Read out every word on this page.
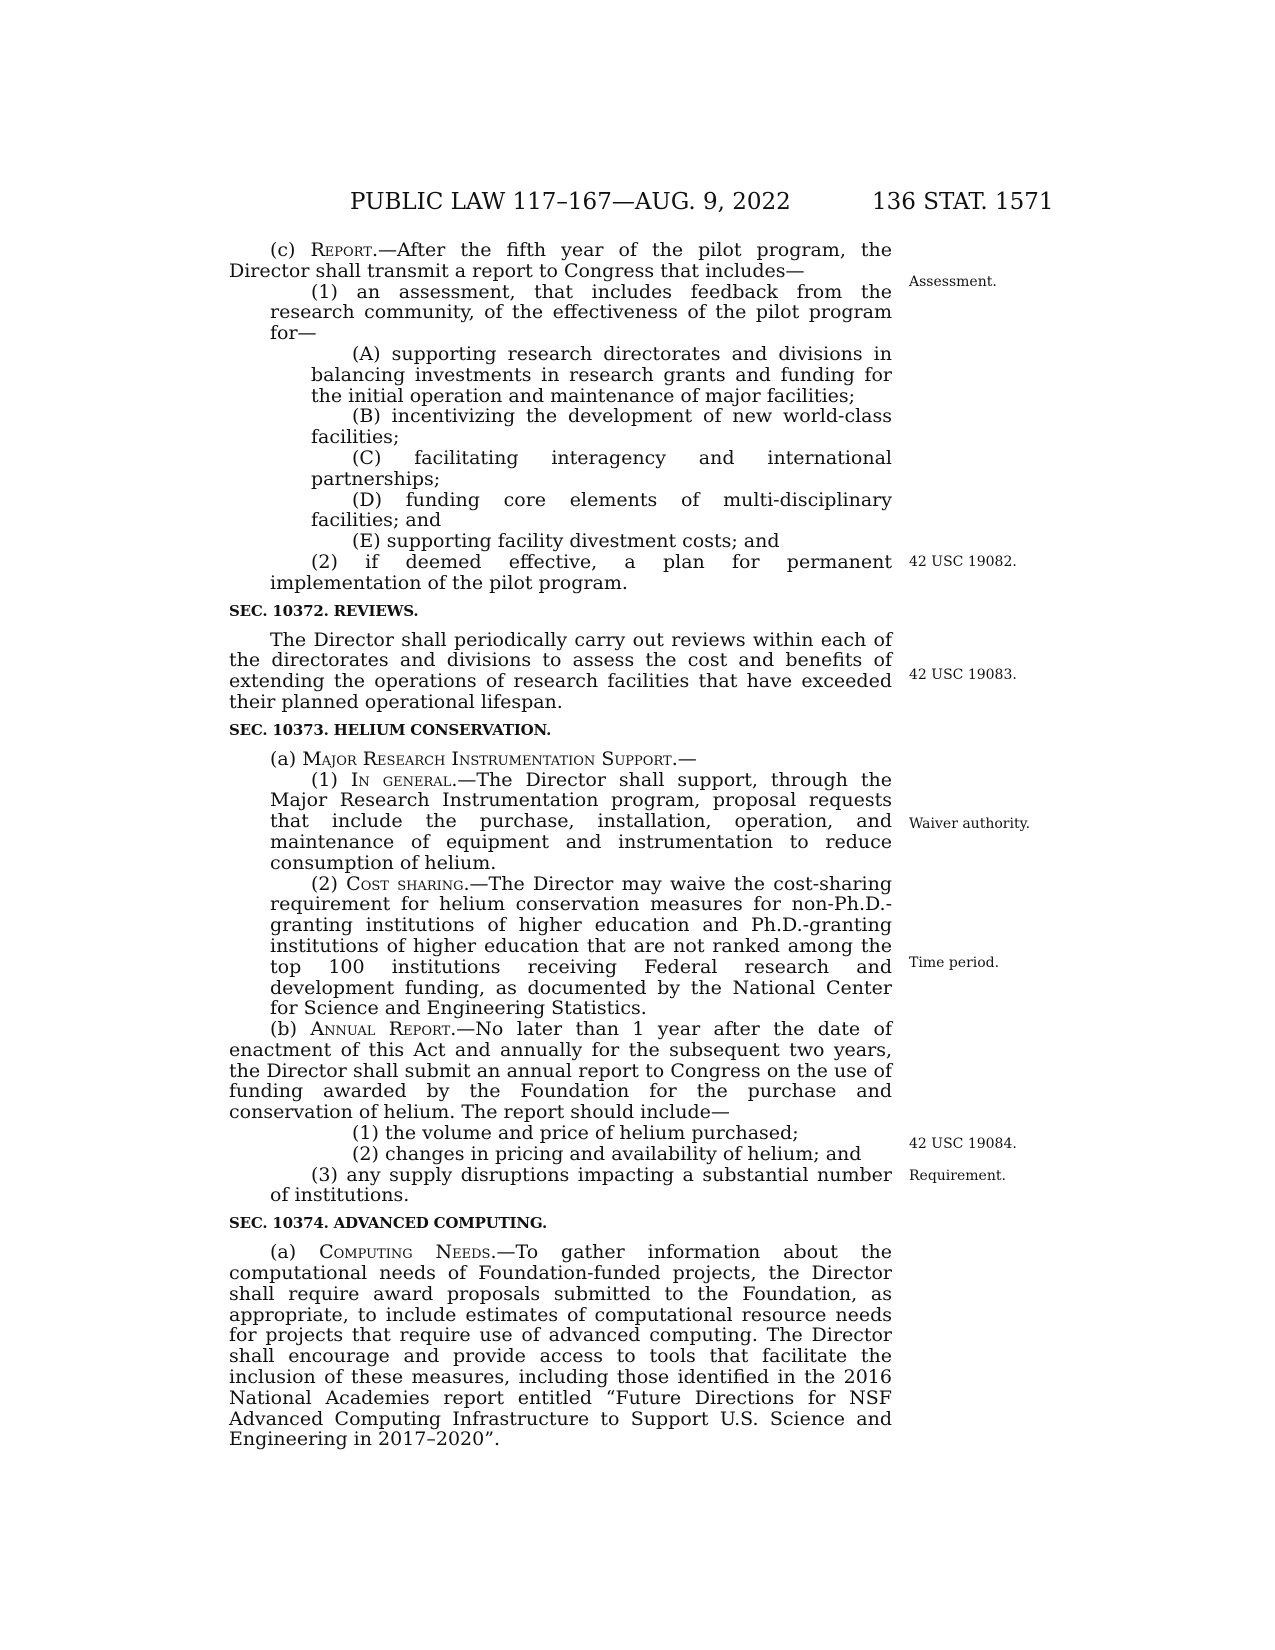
PUBLIC LAW 117–167—AUG. 9, 2022	136 STAT. 1571

(c) Report.—After the fifth year of the pilot program, the Director shall transmit a report to Congress that includes—

(1) an assessment, that includes feedback from the research community, of the effectiveness of the pilot program for—

(A) supporting research directorates and divisions in balancing investments in research grants and funding for the initial operation and maintenance of major facilities;

(B) incentivizing the development of new world-class facilities;

(C) facilitating interagency and international partnerships;

(D) funding core elements of multi-disciplinary facilities; and

(E) supporting facility divestment costs; and

(2) if deemed effective, a plan for permanent implementation of the pilot program.

SEC. 10372. REVIEWS.

The Director shall periodically carry out reviews within each of the directorates and divisions to assess the cost and benefits of extending the operations of research facilities that have exceeded their planned operational lifespan.

SEC. 10373. HELIUM CONSERVATION.

(a) Major Research Instrumentation Support.—

(1) In general.—The Director shall support, through the Major Research Instrumentation program, proposal requests that include the purchase, installation, operation, and maintenance of equipment and instrumentation to reduce consumption of helium.

(2) Cost sharing.—The Director may waive the cost-sharing requirement for helium conservation measures for non-Ph.D.-granting institutions of higher education and Ph.D.-granting institutions of higher education that are not ranked among the top 100 institutions receiving Federal research and development funding, as documented by the National Center for Science and Engineering Statistics.

(b) Annual Report.—No later than 1 year after the date of enactment of this Act and annually for the subsequent two years, the Director shall submit an annual report to Congress on the use of funding awarded by the Foundation for the purchase and conservation of helium. The report should include—

(1) the volume and price of helium purchased;

(2) changes in pricing and availability of helium; and

(3) any supply disruptions impacting a substantial number of institutions.

SEC. 10374. ADVANCED COMPUTING.

(a) Computing Needs.—To gather information about the computational needs of Foundation-funded projects, the Director shall require award proposals submitted to the Foundation, as appropriate, to include estimates of computational resource needs for projects that require use of advanced computing. The Director shall encourage and provide access to tools that facilitate the inclusion of these measures, including those identified in the 2016 National Academies report entitled “Future Directions for NSF Advanced Computing Infrastructure to Support U.S. Science and Engineering in 2017–2020”.

Assessment.
42 USC 19082.
42 USC 19083.
Waiver authority.
Time period.
42 USC 19084.
Requirement.
